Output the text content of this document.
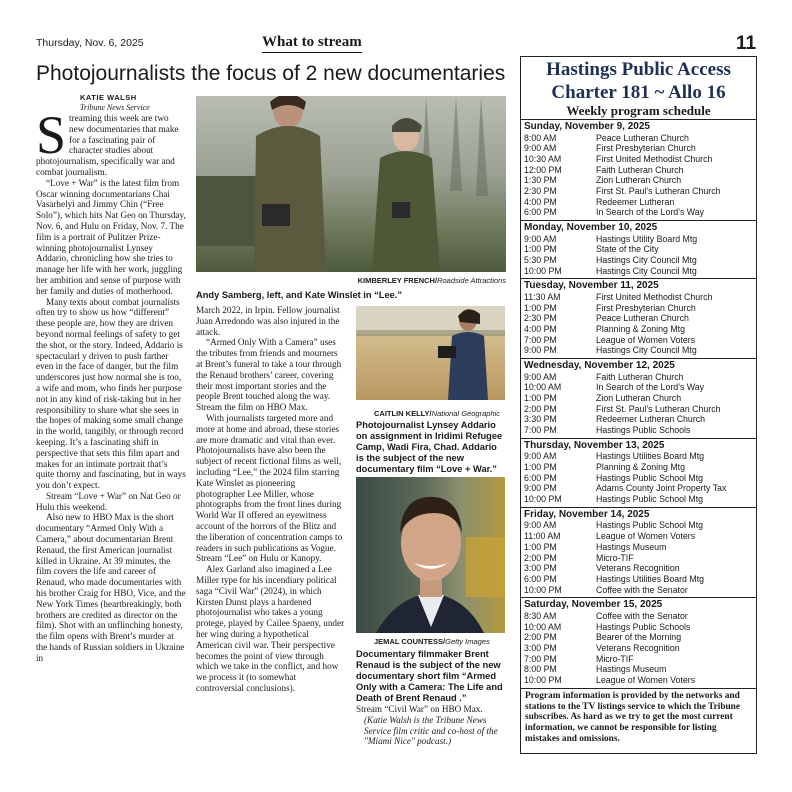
Thursday, Nov. 6, 2025	What to stream	11
Photojournalists the focus of 2 new documentaries
KATIE WALSH
Tribune News Service

Streaming this week are two new documentaries that make for a fascinating pair of character studies about photojournalism, specifically war and combat journalism.

“Love + War” is the latest film from Oscar winning documentarians Chai Vasarhelyi and Jimmy Chin (“Free Solo”), which hits Nat Geo on Thursday, Nov. 6, and Hulu on Friday, Nov. 7. The film is a portrait of Pulitzer Prize-winning photojournalist Lynsey Addario, chronicling how she tries to manage her life with her work, juggling her ambition and sense of purpose with her family and duties of motherhood.

Many texts about combat journalists often try to show us how “different” these people are, how they are driven beyond normal feelings of safety to get the shot, or the story. Indeed, Addario is spectacularl y driven to push farther even in the face of danger, but the film underscores just how normal she is too, a wife and mom, who finds her purpose not in any kind of risk-taking but in her responsibility to share what she sees in the hopes of making some small change in the world, tangibly, or through record keeping. It’s a fascinating shift in perspective that sets this film apart and makes for an intimate portrait that’s quite thorny and fascinating, but in ways you don’t expect.

Stream “Love + War” on Nat Geo or Hulu this weekend.

Also new to HBO Max is the short documentary “Armed Only With a Camera,” about documentarian Brent Renaud, the first American journalist killed in Ukraine. At 39 minutes, the film covers the life and career of Renaud, who made documentaries with his brother Craig for HBO, Vice, and the New York Times (heartbreakingly, both brothers are credited as director on the film). Shot with an unflinching honesty, the film opens with Brent’s murder at the hands of Russian soldiers in Ukraine in

KIMBERLEY FRENCH/Roadside Attractions
Andy Samberg, left, and Kate Winslet in “Lee.”

March 2022, in Irpin. Fellow journalist Juan Arredondo was also injured in the attack.

“Armed Only With a Camera” uses the tributes from friends and mourners at Brent’s funeral to take a tour through the Renaud brothers’ career, covering their most important stories and the people Brent touched along the way. Stream the film on HBO Max.

With journalists targeted more and more at home and abroad, these stories are more dramatic and vital than ever. Photojournalists have also been the subject of recent fictional films as well, including “Lee,” the 2024 film starring Kate Winslet as pioneering photographer Lee Miller, whose photographs from the front lines during World War II offered an eyewitness account of the horrors of the Blitz and the liberation of concentration camps to readers in such publications as Vogue. Stream “Lee” on Hulu or Kanopy.

Alex Garland also imagined a Lee Miller type for his incendiary political saga “Civil War” (2024), in which Kirsten Dunst plays a hardened photojournalist who takes a young protege, played by Cailee Spaeny, under her wing during a hypothetical American civil war. Their perspective becomes the point of view through which we take in the conflict, and how we process it (to somewhat controversial conclusions).

CAITLIN KELLY/National Geographic
Photojournalist Lynsey Addario on assignment in Iridimi Refugee Camp, Wadi Fira, Chad. Addario is the subject of the new documentary film “Love + War.”
JEMAL COUNTESS/Getty Images
Documentary filmmaker Brent Renaud is the subject of the new documentary short film “Armed Only with a Camera: The Life and Death of Brent Renaud .”
Stream “Civil War” on HBO Max.
(Katie Walsh is the Tribune News Service film critic and co-host of the "Miami Nice" podcast.)
Hastings Public Access
Charter 181 ~ Allo 16
Weekly program schedule
Sunday, November 9, 2025
8:00 AM	Peace Lutheran Church
9:00 AM	First Presbyterian Church
10:30 AM	First United Methodist Church
12:00 PM	Faith Lutheran Church
1:30 PM	Zion Lutheran Church
2:30 PM	First St. Paul’s Lutheran Church
4:00 PM	Redeemer Lutheran
6:00 PM	In Search of the Lord’s Way
Monday, November 10, 2025
9:00 AM	Hastings Utility Board Mtg
1:00 PM	State of the City
5:30 PM	Hastings City Council Mtg
10:00 PM	Hastings City Council Mtg
Tuesday, November 11, 2025
11:30 AM	First United Methodist Church
1:00 PM	First Presbyterian Church
2:30 PM	Peace Lutheran Church
4:00 PM	Planning & Zoning Mtg
7:00 PM	League of Women Voters
9:00 PM	Hastings City Council Mtg
Wednesday, November 12, 2025
9:00 AM	Faith Lutheran Church
10:00 AM	In Search of the Lord’s Way
1:00 PM	Zion Lutheran Church
2:00 PM	First St. Paul’s Lutheran Church
3:30 PM	Redeemer Lutheran Church
7:00 PM	Hastings Public Schools
Thursday, November 13, 2025
9:00 AM	Hastings Utilities Board Mtg
1:00 PM	Planning & Zoning Mtg
6:00 PM	Hastings Public School Mtg
9:00 PM	Adams County Joint Property Tax
10:00 PM	Hastings Public School Mtg
Friday, November 14, 2025
9:00 AM	Hastings Public School Mtg
11:00 AM	League of Women Voters
1:00 PM	Hastings Museum
2:00 PM	Micro-TIF
3:00 PM	Veterans Recognition
6:00 PM	Hastings Utilities Board Mtg
10:00 PM	Coffee with the Senator
Saturday, November 15, 2025
8:30 AM	Coffee with the Senator
10:00 AM	Hastings Public Schools
2:00 PM	Bearer of the Morning
3:00 PM	Veterans Recognition
7:00 PM	Micro-TIF
8:00 PM	Hastings Museum
10:00 PM	League of Women Voters
Program information is provided by the networks and stations to the TV listings service to which the Tribune subscribes. As hard as we try to get the most current information, we cannot be responsible for listing mistakes and omissions.
